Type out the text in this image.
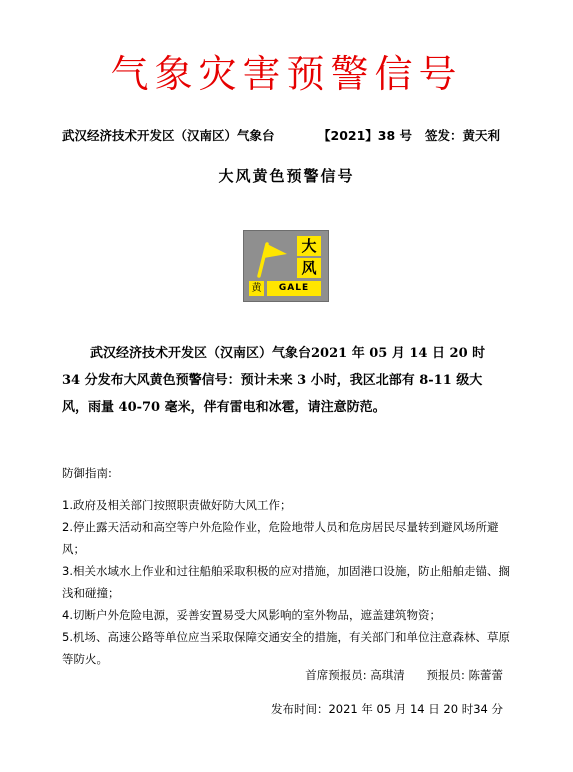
气象灾害预警信号
武汉经济技术开发区（汉南区）气象台	【2021】38 号 签发：黄天利
大风黄色预警信号
大
风
黄	GALE
武汉经济技术开发区（汉南区）气象台2021 年 05 月 14 日 20 时 34 分发布大风黄色预警信号：预计未来 3 小时，我区北部有 8-11 级大风，雨量 40-70 毫米，伴有雷电和冰雹，请注意防范。
防御指南:
1.政府及相关部门按照职责做好防大风工作；
2.停止露天活动和高空等户外危险作业，危险地带人员和危房居民尽量转到避风场所避风；
3.相关水域水上作业和过往船舶采取积极的应对措施，加固港口设施，防止船舶走锚、搁浅和碰撞；
4.切断户外危险电源，妥善安置易受大风影响的室外物品，遮盖建筑物资；
5.机场、高速公路等单位应当采取保障交通安全的措施，有关部门和单位注意森林、草原等防火。
首席预报员: 高琪清 预报员: 陈蕾蕾
发布时间：2021 年 05 月 14 日 20 时34 分
